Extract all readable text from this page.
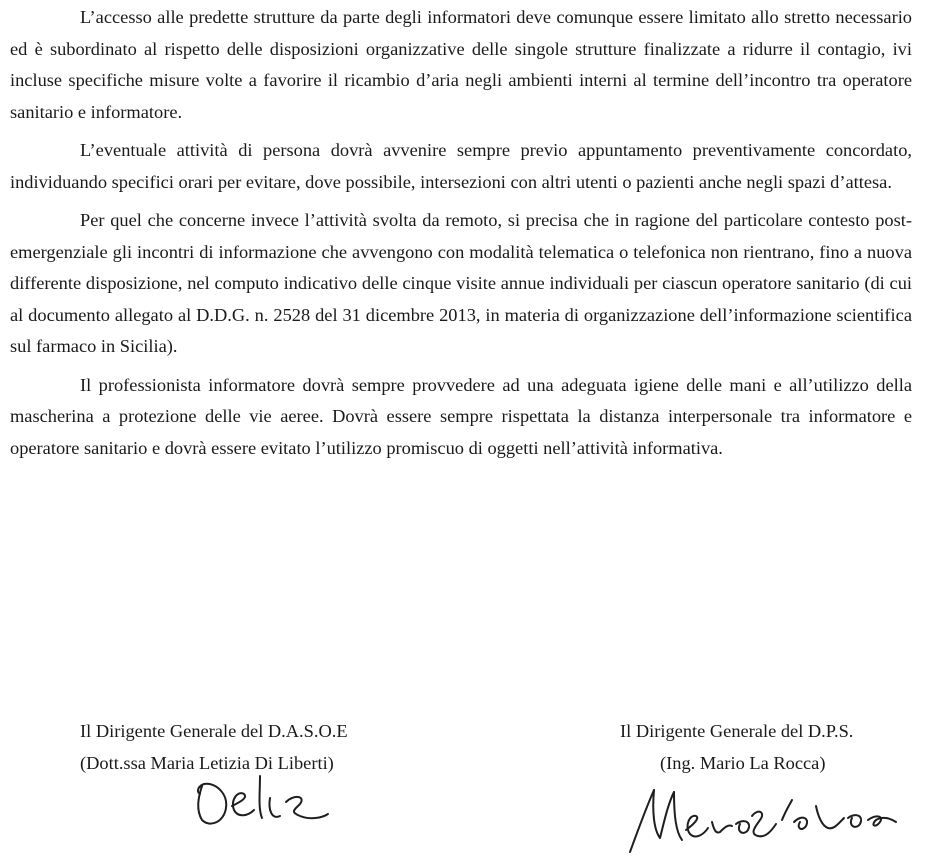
L’accesso alle predette strutture da parte degli informatori deve comunque essere limitato allo stretto necessario ed è subordinato al rispetto delle disposizioni organizzative delle singole strutture finalizzate a ridurre il contagio, ivi incluse specifiche misure volte a favorire il ricambio d’aria negli ambienti interni al termine dell’incontro tra operatore sanitario e informatore.

L’eventuale attività di persona dovrà avvenire sempre previo appuntamento preventivamente concordato, individuando specifici orari per evitare, dove possibile, intersezioni con altri utenti o pazienti anche negli spazi d’attesa.

Per quel che concerne invece l’attività svolta da remoto, si precisa che in ragione del particolare contesto post-emergenziale gli incontri di informazione che avvengono con modalità telematica o telefonica non rientrano, fino a nuova differente disposizione, nel computo indicativo delle cinque visite annue individuali per ciascun operatore sanitario (di cui al documento allegato al D.D.G. n. 2528 del 31 dicembre 2013, in materia di organizzazione dell’informazione scientifica sul farmaco in Sicilia).

Il professionista informatore dovrà sempre provvedere ad una adeguata igiene delle mani e all’utilizzo della mascherina a protezione delle vie aeree. Dovrà essere sempre rispettata la distanza interpersonale tra informatore e operatore sanitario e dovrà essere evitato l’utilizzo promiscuo di oggetti nell’attività informativa.

Il Dirigente Generale del D.A.S.O.E
(Dott.ssa Maria Letizia Di Liberti)
Il Dirigente Generale del D.P.S.
(Ing. Mario La Rocca)
